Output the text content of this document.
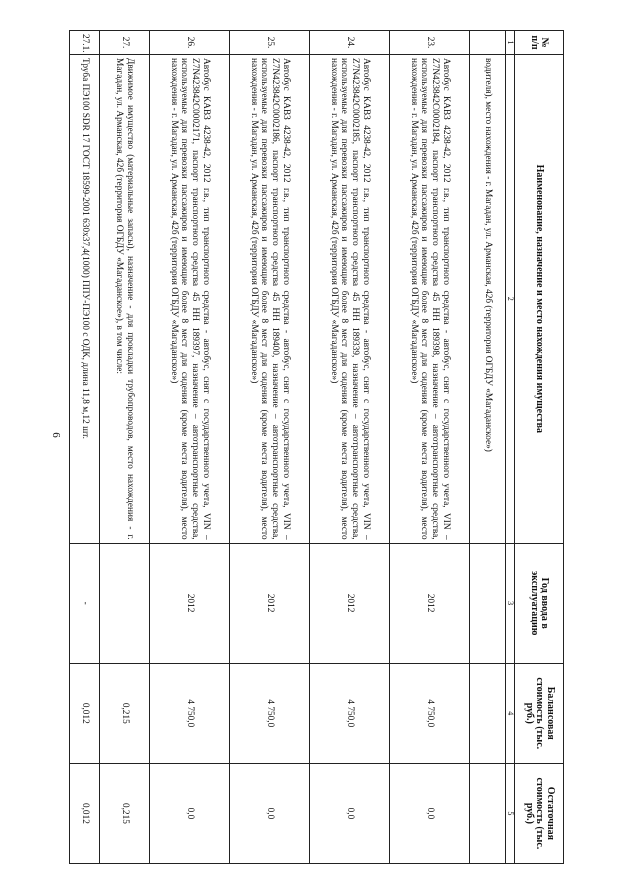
6
№ п/п	Наименование, назначение и место нахождения имущества	Год ввода в эксплуатацию	Балансовая стоимость (тыс. руб.)	Остаточная стоимость (тыс. руб.)
1	2	3	4	5
	водителя), место нахождения - г. Магадан, ул. Арманская, 42б (территория ОГБДУ «Магаданское»)			
23.	Автобус КАВЗ 4238-42, 2012 г.в., тип транспортного средства - автобус, снят с государственного учета, VIN – Z7N423842C0002184, паспорт транспортного средства 45 НН 189398, назначение – автотранспортные средства, используемые для перевозки пассажиров и имеющие более 8 мест для сидения (кроме места водителя), место нахождения - г. Магадан, ул. Арманская, 42б (территория ОГБДУ «Магаданское»)	2012	4 750,0	0,0
24.	Автобус КАВЗ 4238-42, 2012 г.в., тип транспортного средства - автобус, снят с государственного учета, VIN – Z7N423842C0002185, паспорт транспортного средства 45 НН 189339, назначение – автотранспортные средства, используемые для перевозки пассажиров и имеющие более 8 мест для сидения (кроме места водителя), место нахождения - г. Магадан, ул. Арманская, 42б (территория ОГБДУ «Магаданское»)	2012	4 750,0	0,0
25.	Автобус КАВЗ 4238-42, 2012 г.в., тип транспортного средства - автобус, снят с государственного учета, VIN – Z7N423842C0002186, паспорт транспортного средства 45 НН 189400, назначение – автотранспортные средства, используемые для перевозки пассажиров и имеющие более 8 мест для сидения (кроме места водителя), место нахождения - г. Магадан, ул. Арманская, 42б (территория ОГБДУ «Магаданское»)	2012	4 750,0	0,0
26.	Автобус КАВЗ 4238-42, 2012 г.в., тип транспортного средства - автобус, снят с государственного учета, VIN – Z7N423842C0002171, паспорт транспортного средства 45 НН 189397, назначение – автотранспортные средства, используемые для перевозки пассажиров и имеющие более 8 мест для сидения (кроме места водителя), место нахождения - г. Магадан, ул. Арманская, 42б (территория ОГБДУ «Магаданское»)	2012	4 750,0	0,0
27.	Движимое имущество (материальные запасы), назначение - для прокладки трубопроводов, место нахождения - г. Магадан, ул. Арманская, 42б (территория ОГБДУ «Магаданское»), в том числе:		0,215	0,215
27.1.	Труба ПЭ100 SDR 17 ГОСТ 18599-2001 630х37,4(1000) ППУ-ПЭ100 с ОДК, длина 11,8 м,12 шт.	-	0,012	0,012
